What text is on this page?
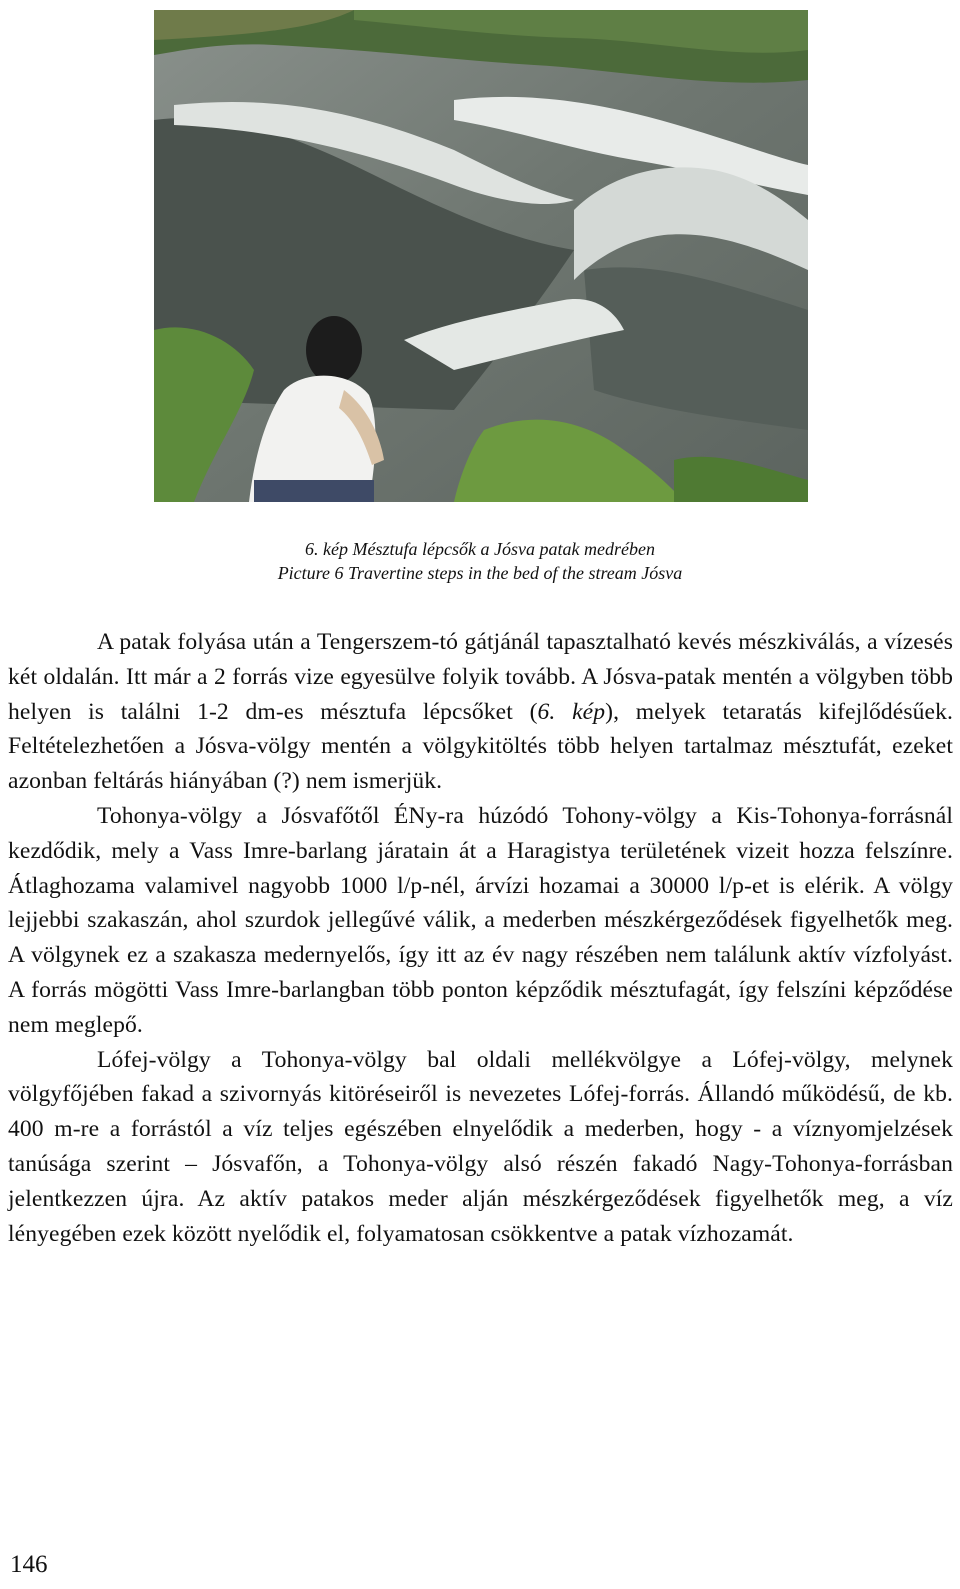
6. kép Mésztufa lépcsők a Jósva patak medrében
Picture 6 Travertine steps in the bed of the stream Jósva

A patak folyása után a Tengerszem-tó gátjánál tapasztalható kevés mészkiválás, a vízesés két oldalán. Itt már a 2 forrás vize egyesülve folyik tovább. A Jósva-patak mentén a völgyben több helyen is találni 1-2 dm-es mésztufa lépcsőket (6. kép), melyek tetaratás kifejlődésűek. Feltételezhetően a Jósva-völgy mentén a völgykitöltés több helyen tartalmaz mésztufát, ezeket azonban feltárás hiányában (?) nem ismerjük.

Tohonya-völgy a Jósvafőtől ÉNy-ra húzódó Tohony-völgy a Kis-Tohonya-forrásnál kezdődik, mely a Vass Imre-barlang járatain át a Haragistya területének vizeit hozza felszínre. Átlaghozama valamivel nagyobb 1000 l/p-nél, árvízi hozamai a 30000 l/p-et is elérik. A völgy lejjebbi szakaszán, ahol szurdok jellegűvé válik, a mederben mészkérgeződések figyelhetők meg. A völgynek ez a szakasza medernyelős, így itt az év nagy részében nem találunk aktív vízfolyást. A forrás mögötti Vass Imre-barlangban több ponton képződik mésztufagát, így felszíni képződése nem meglepő.

Lófej-völgy a Tohonya-völgy bal oldali mellékvölgye a Lófej-völgy, melynek völgyfőjében fakad a szivornyás kitöréseiről is nevezetes Lófej-forrás. Állandó működésű, de kb. 400 m-re a forrástól a víz teljes egészében elnyelődik a mederben, hogy - a víznyomjelzések tanúsága szerint – Jósvafőn, a Tohonya-völgy alsó részén fakadó Nagy-Tohonya-forrásban jelentkezzen újra. Az aktív patakos meder alján mészkérgeződések figyelhetők meg, a víz lényegében ezek között nyelődik el, folyamatosan csökkentve a patak vízhozamát.

146
